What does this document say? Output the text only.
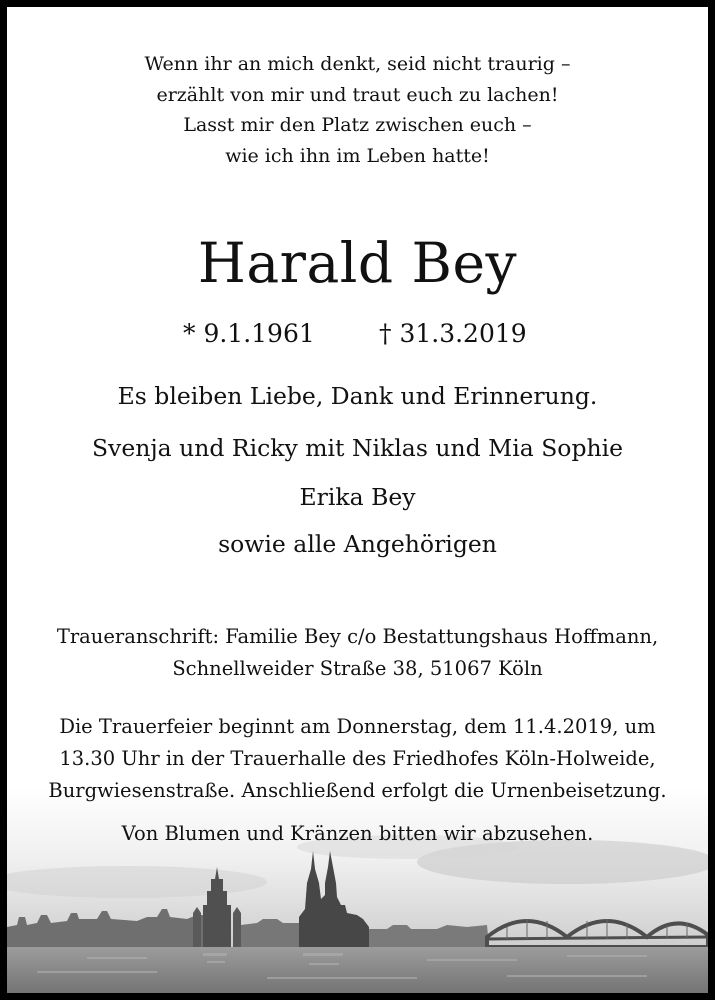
Wenn ihr an mich denkt, seid nicht traurig –
erzählt von mir und traut euch zu lachen!
Lasst mir den Platz zwischen euch –
wie ich ihn im Leben hatte!
Harald Bey
* 9.1.1961	† 31.3.2019
Es bleiben Liebe, Dank und Erinnerung.
Svenja und Ricky mit Niklas und Mia Sophie
Erika Bey
sowie alle Angehörigen
Traueranschrift: Familie Bey c/o Bestattungshaus Hoffmann,
Schnellweider Straße 38, 51067 Köln
Die Trauerfeier beginnt am Donnerstag, dem 11.4.2019, um
13.30 Uhr in der Trauerhalle des Friedhofes Köln-Holweide,
Burgwiesenstraße. Anschließend erfolgt die Urnenbeisetzung.
Von Blumen und Kränzen bitten wir abzusehen.
